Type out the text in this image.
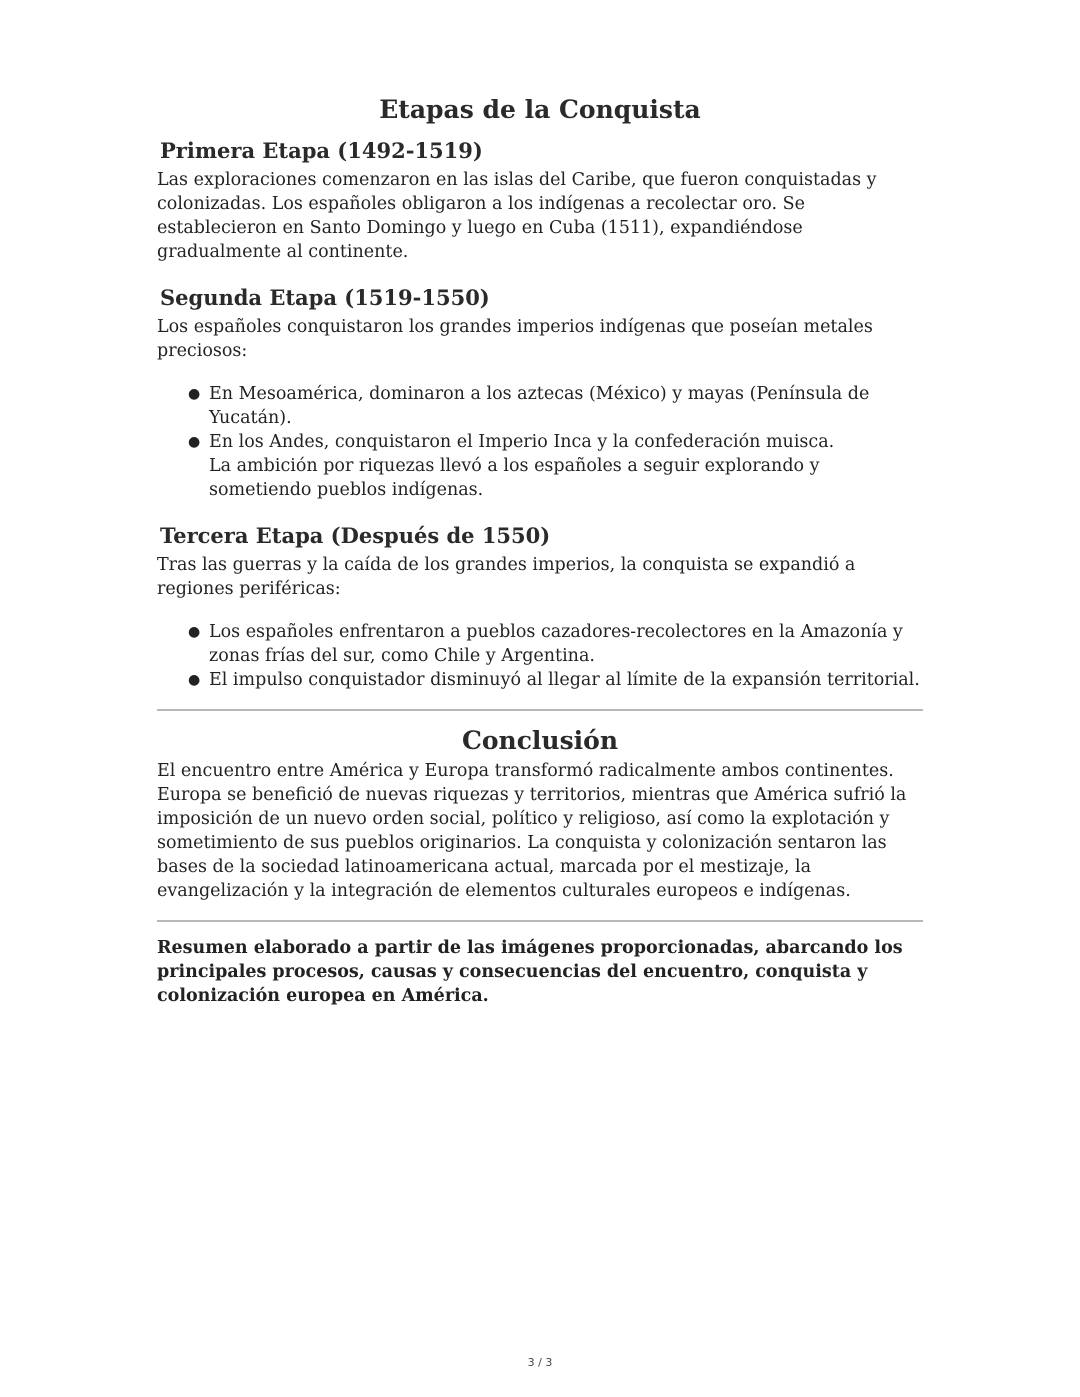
Etapas de la Conquista
Primera Etapa (1492-1519)

Las exploraciones comenzaron en las islas del Caribe, que fueron conquistadas y colonizadas. Los españoles obligaron a los indígenas a recolectar oro. Se establecieron en Santo Domingo y luego en Cuba (1511), expandiéndose gradualmente al continente.

Segunda Etapa (1519-1550)

Los españoles conquistaron los grandes imperios indígenas que poseían metales preciosos:

● En Mesoamérica, dominaron a los aztecas (México) y mayas (Península de Yucatán).
● En los Andes, conquistaron el Imperio Inca y la confederación muisca.
La ambición por riquezas llevó a los españoles a seguir explorando y sometiendo pueblos indígenas.
Tercera Etapa (Después de 1550)

Tras las guerras y la caída de los grandes imperios, la conquista se expandió a regiones periféricas:

● Los españoles enfrentaron a pueblos cazadores-recolectores en la Amazonía y zonas frías del sur, como Chile y Argentina.
● El impulso conquistador disminuyó al llegar al límite de la expansión territorial.
Conclusión

El encuentro entre América y Europa transformó radicalmente ambos continentes. Europa se benefició de nuevas riquezas y territorios, mientras que América sufrió la imposición de un nuevo orden social, político y religioso, así como la explotación y sometimiento de sus pueblos originarios. La conquista y colonización sentaron las bases de la sociedad latinoamericana actual, marcada por el mestizaje, la evangelización y la integración de elementos culturales europeos e indígenas.

Resumen elaborado a partir de las imágenes proporcionadas, abarcando los principales procesos, causas y consecuencias del encuentro, conquista y colonización europea en América.

3 / 3
